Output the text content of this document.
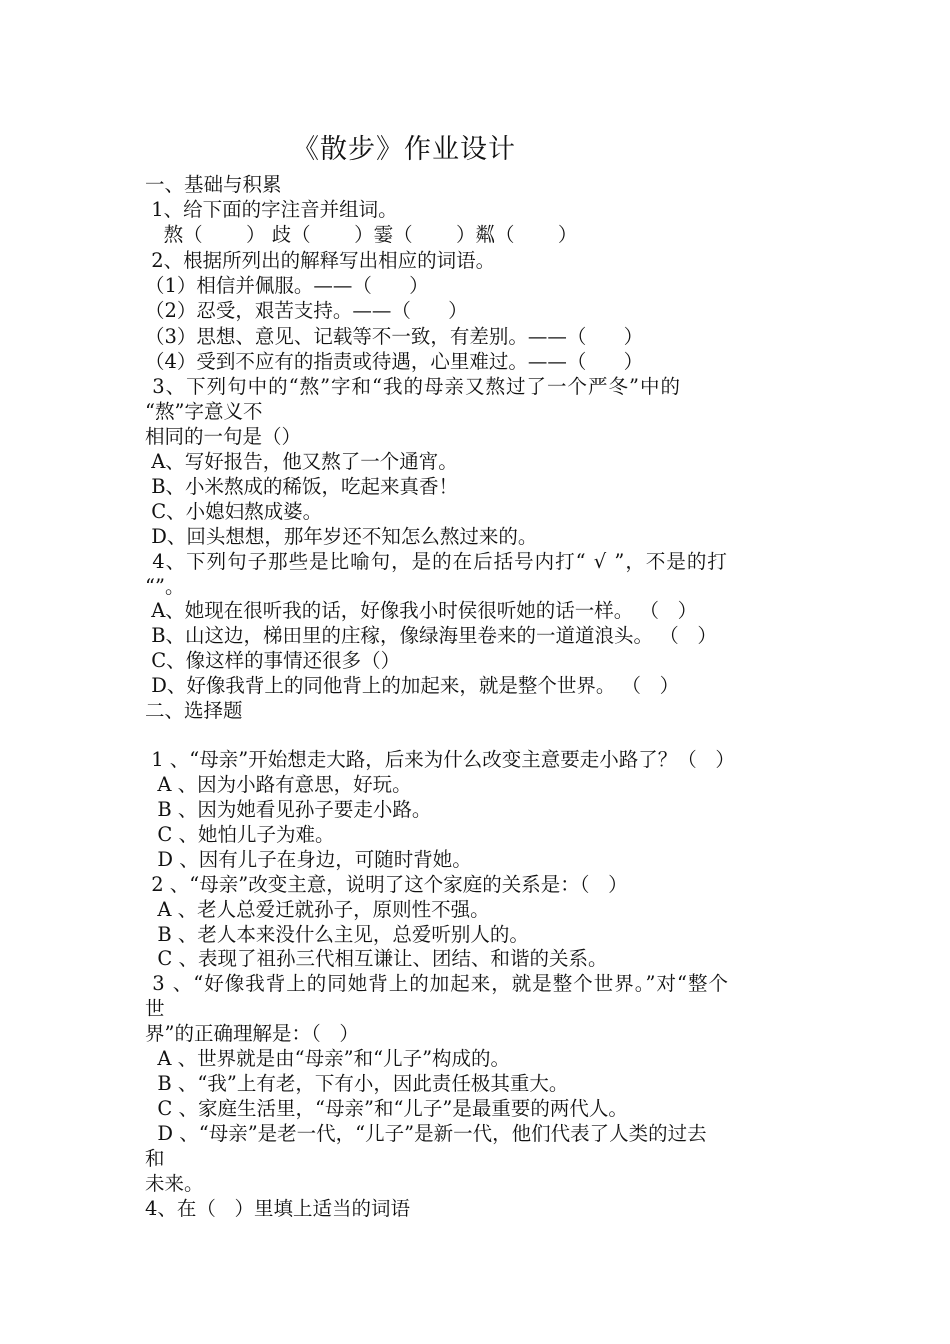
《散步》作业设计
一、基础与积累
1、给下面的字注音并组词。
熬（       ） 歧（       ）霎（       ）粼（       ）
2、根据所列出的解释写出相应的词语。
（1）相信并佩服。——（      ）
（2）忍受，艰苦支持。——（      ）
（3）思想、意见、记载等不一致，有差别。——（      ）
（4）受到不应有的指责或待遇，心里难过。——（      ）
3、下列句中的“熬”字和“我的母亲又熬过了一个严冬”中的
“熬”字意义不
相同的一句是（）
A、写好报告，他又熬了一个通宵。
B、小米熬成的稀饭，吃起来真香！
C、小媳妇熬成婆。
D、回头想想，那年岁还不知怎么熬过来的。
4、下列句子那些是比喻句，是的在后括号内打“ √ ”，不是的打
“”。
A、她现在很听我的话，好像我小时侯很听她的话一样。 （   ）
B、山这边，梯田里的庄稼，像绿海里卷来的一道道浪头。 （   ）
C、像这样的事情还很多（）
D、好像我背上的同他背上的加起来，就是整个世界。 （   ）
二、选择题
1 、“母亲”开始想走大路，后来为什么改变主意要走小路了？（   ）
A 、因为小路有意思，好玩。
B 、因为她看见孙子要走小路。
C 、她怕儿子为难。
D 、因有儿子在身边，可随时背她。
2 、“母亲”改变主意，说明了这个家庭的关系是：（   ）
A 、老人总爱迁就孙子，原则性不强。
B 、老人本来没什么主见，总爱听别人的。
C 、表现了祖孙三代相互谦让、团结、和谐的关系。
3 、“好像我背上的同她背上的加起来，就是整个世界。”对“整个
世
界”的正确理解是：（   ）
A 、世界就是由“母亲”和“儿子”构成的。
B 、“我”上有老，下有小，因此责任极其重大。
C 、家庭生活里，“母亲”和“儿子”是最重要的两代人。
D 、“母亲”是老一代，“儿子”是新一代，他们代表了人类的过去
和
未来。
4、在（   ）里填上适当的词语
